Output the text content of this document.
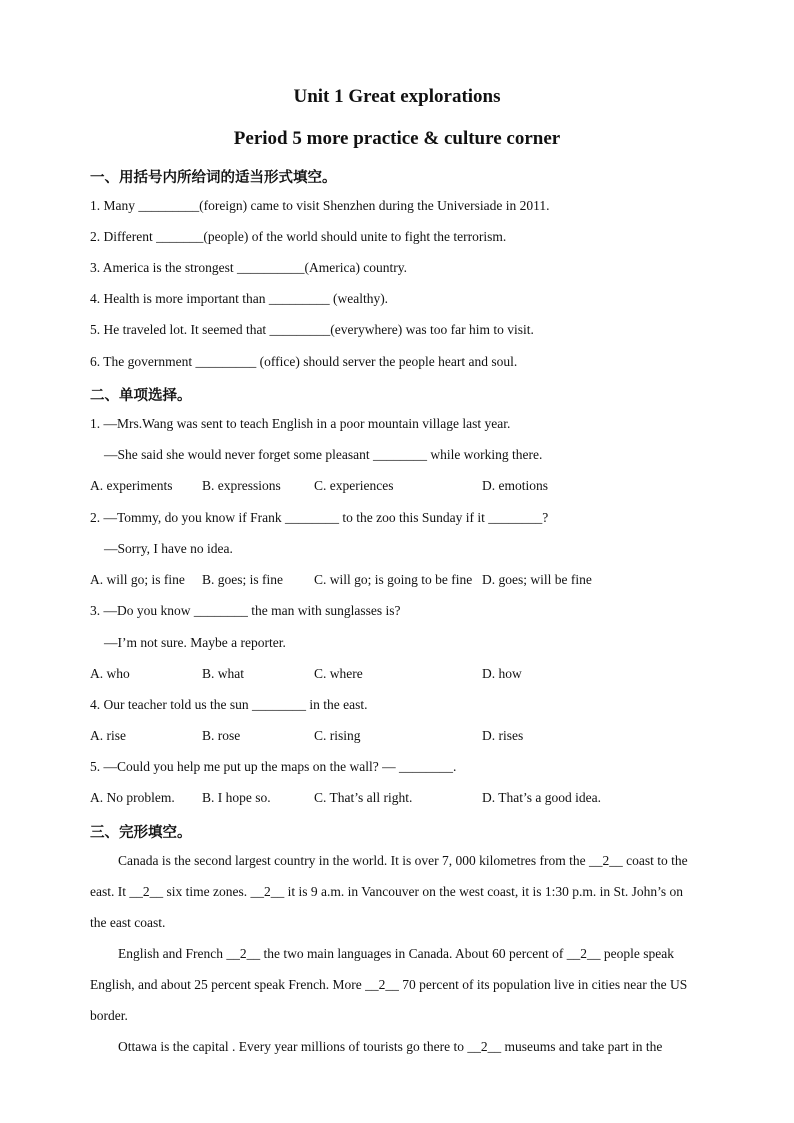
Unit 1 Great explorations
Period 5 more practice & culture corner
一、用括号内所给词的适当形式填空。
1. Many _________(foreign) came to visit Shenzhen during the Universiade in 2011.
2. Different _______(people) of the world should unite to fight the terrorism.
3. America is the strongest __________(America) country.
4. Health is more important than _________ (wealthy).
5. He traveled lot. It seemed that _________(everywhere) was too far him to visit.
6. The government _________ (office) should server the people heart and soul.
二、单项选择。
1. —Mrs.Wang was sent to teach English in a poor mountain village last year.
—She said she would never forget some pleasant ________ while working there.
A. experiments B. expressions C. experiences	D. emotions
2. —Tommy, do you know if Frank ________ to the zoo this Sunday if it ________?
—Sorry, I have no idea.
A. will go; is fine B. goes; is fine C. will go; is going to be fine D. goes; will be fine
3. —Do you know ________ the man with sunglasses is?
—I’m not sure. Maybe a reporter.
A. who	B. what	C. where	D. how
4. Our teacher told us the sun ________ in the east.
A. rise	B. rose	C. rising	D. rises
5. —Could you help me put up the maps on the wall? — ________.
A. No problem. B. I hope so.	C. That’s all right.	D. That’s a good idea.
三、完形填空。

Canada is the second largest country in the world. It is over 7, 000 kilometres from the __2__ coast to the east. It __2__ six time zones. __2__ it is 9 a.m. in Vancouver on the west coast, it is 1:30 p.m. in St. John’s on the east coast.

English and French __2__ the two main languages in Canada. About 60 percent of __2__ people speak English, and about 25 percent speak French. More __2__ 70 percent of its population live in cities near the US border.

Ottawa is the capital . Every year millions of tourists go there to __2__ museums and take part in the
